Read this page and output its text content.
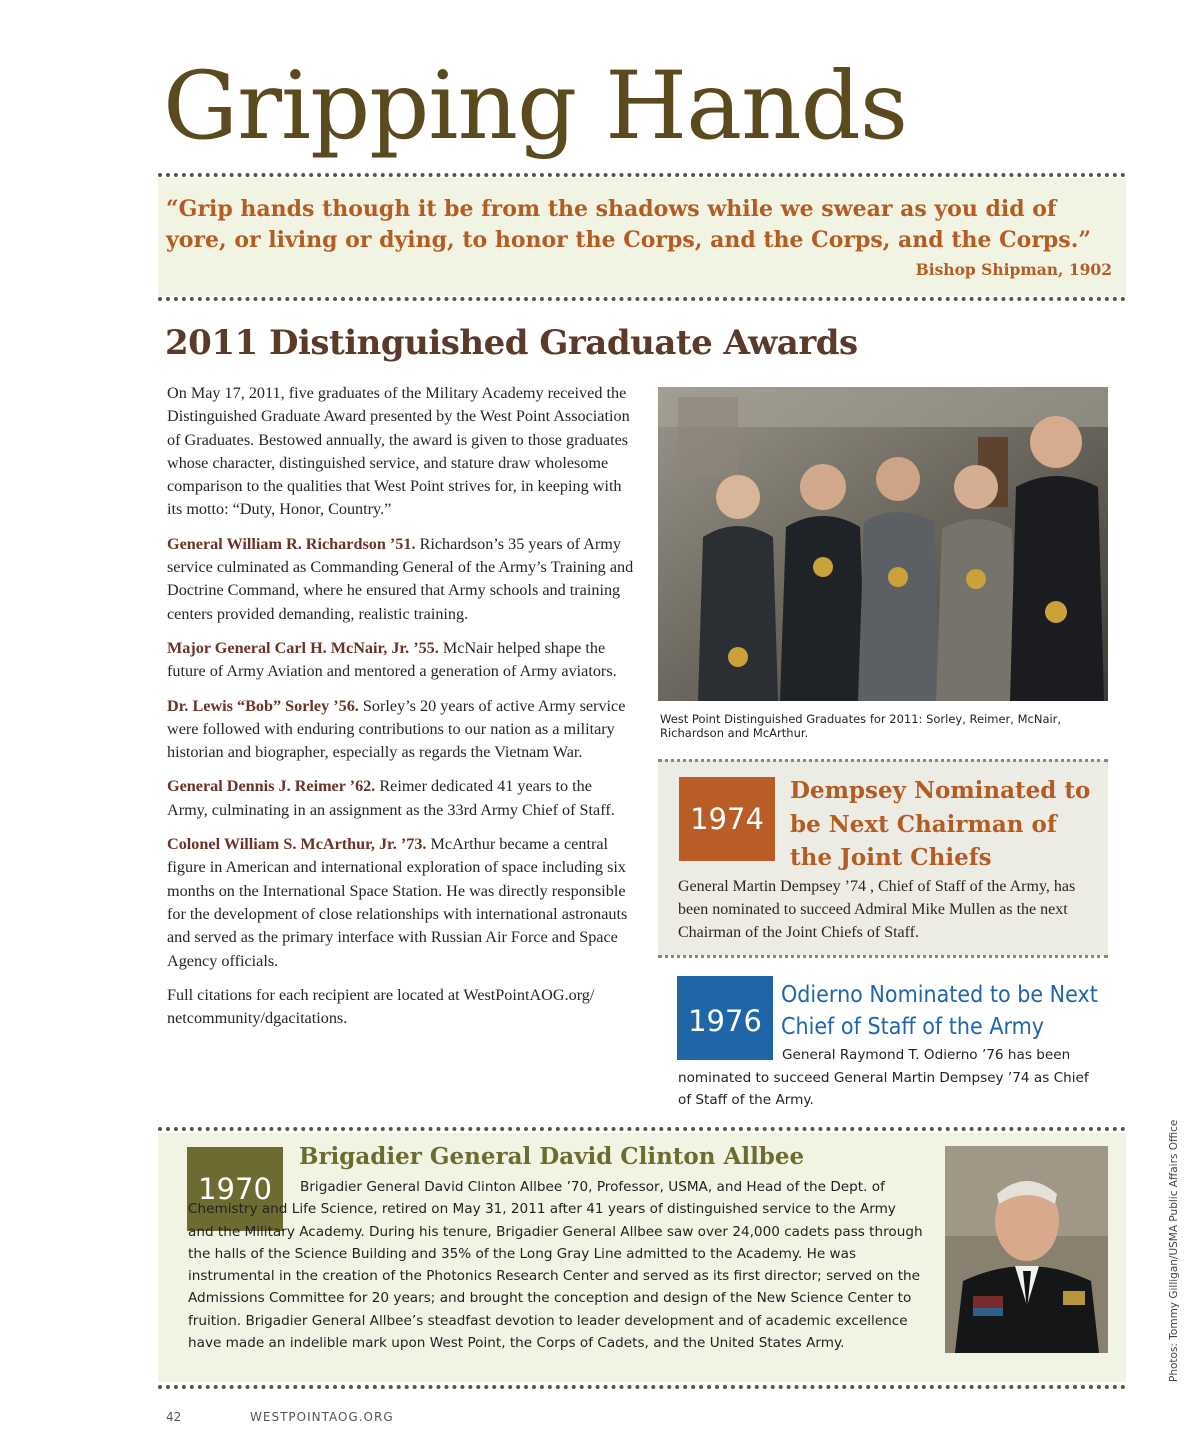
Gripping Hands
“Grip hands though it be from the shadows while we swear as you did of yore, or living or dying, to honor the Corps, and the Corps, and the Corps.”
Bishop Shipman, 1902
2011 Distinguished Graduate Awards

On May 17, 2011, five graduates of the Military Academy received the Distinguished Graduate Award presented by the West Point Association of Graduates. Bestowed annually, the award is given to those graduates whose character, distinguished service, and stature draw wholesome comparison to the qualities that West Point strives for, in keeping with its motto: “Duty, Honor, Country.”

General William R. Richardson ’51. Richardson’s 35 years of Army service culminated as Commanding General of the Army’s Training and Doctrine Command, where he ensured that Army schools and training centers provided demanding, realistic training.

Major General Carl H. McNair, Jr. ’55. McNair helped shape the future of Army Aviation and mentored a generation of Army aviators.

Dr. Lewis “Bob” Sorley ’56. Sorley’s 20 years of active Army service were followed with enduring contributions to our nation as a military historian and biographer, especially as regards the Vietnam War.

General Dennis J. Reimer ’62. Reimer dedicated 41 years to the Army, culminating in an assignment as the 33rd Army Chief of Staff.

Colonel William S. McArthur, Jr. ’73. McArthur became a central figure in American and international exploration of space including six months on the International Space Station. He was directly responsible for the development of close relationships with international astronauts and served as the primary interface with Russian Air Force and Space Agency officials.

Full citations for each recipient are located at WestPointAOG.org/ netcommunity/dgacitations.

West Point Distinguished Graduates for 2011: Sorley, Reimer, McNair, Richardson and McArthur.
1974
Dempsey Nominated to be Next Chairman of the Joint Chiefs
General Martin Dempsey ’74 , Chief of Staff of the Army, has been nominated to succeed Admiral Mike Mullen as the next Chairman of the Joint Chiefs of Staff.
1976
Odierno Nominated to be Next
Chief of Staff of the Army
General Raymond T. Odierno ’76 has been nominated to succeed General Martin Dempsey ’74 as Chief of Staff of the Army.
1970
Brigadier General David Clinton Allbee
Brigadier General David Clinton Allbee ’70, Professor, USMA, and Head of the Dept. of Chemistry and Life Science, retired on May 31, 2011 after 41 years of distinguished service to the Army and the Military Academy. During his tenure, Brigadier General Allbee saw over 24,000 cadets pass through the halls of the Science Building and 35% of the Long Gray Line admitted to the Academy. He was instrumental in the creation of the Photonics Research Center and served as its first director; served on the Admissions Committee for 20 years; and brought the conception and design of the New Science Center to fruition. Brigadier General Allbee’s steadfast devotion to leader development and of academic excellence have made an indelible mark upon West Point, the Corps of Cadets, and the United States Army.	Photos: Tommy Gilligan/USMA Public Affairs Office
42	WESTPOINTAOG.ORG
